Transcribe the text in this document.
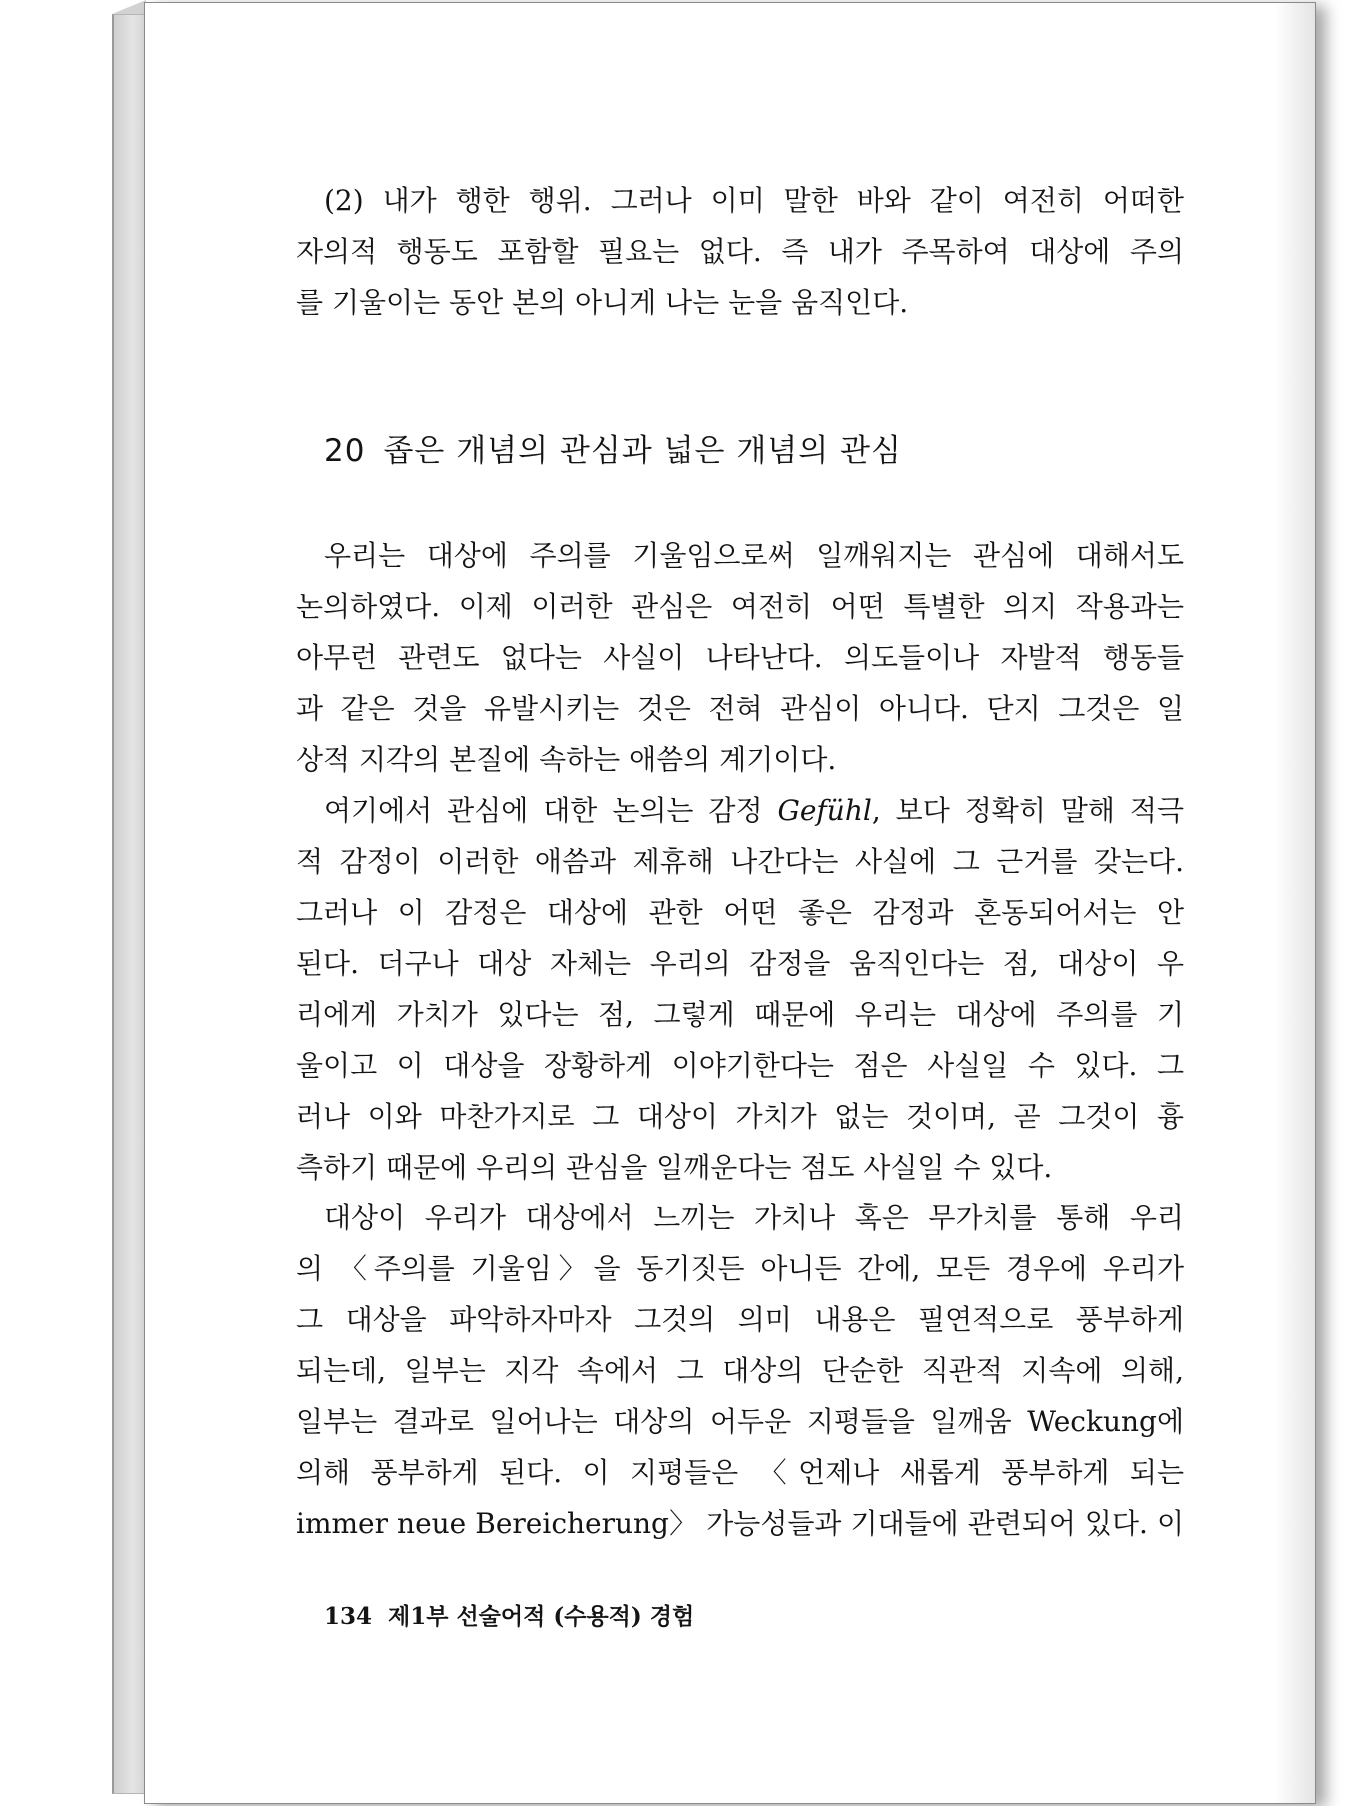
(2) 내가 행한 행위. 그러나 이미 말한 바와 같이 여전히 어떠한
자의적 행동도 포함할 필요는 없다. 즉 내가 주목하여 대상에 주의
를 기울이는 동안 본의 아니게 나는 눈을 움직인다.
20 좁은 개념의 관심과 넓은 개념의 관심
우리는 대상에 주의를 기울임으로써 일깨워지는 관심에 대해서도
논의하였다. 이제 이러한 관심은 여전히 어떤 특별한 의지 작용과는
아무런 관련도 없다는 사실이 나타난다. 의도들이나 자발적 행동들
과 같은 것을 유발시키는 것은 전혀 관심이 아니다. 단지 그것은 일
상적 지각의 본질에 속하는 애씀의 계기이다.
여기에서 관심에 대한 논의는 감정 Gefühl, 보다 정확히 말해 적극
적 감정이 이러한 애씀과 제휴해 나간다는 사실에 그 근거를 갖는다.
그러나 이 감정은 대상에 관한 어떤 좋은 감정과 혼동되어서는 안
된다. 더구나 대상 자체는 우리의 감정을 움직인다는 점, 대상이 우
리에게 가치가 있다는 점, 그렇게 때문에 우리는 대상에 주의를 기
울이고 이 대상을 장황하게 이야기한다는 점은 사실일 수 있다. 그
러나 이와 마찬가지로 그 대상이 가치가 없는 것이며, 곧 그것이 흉
측하기 때문에 우리의 관심을 일깨운다는 점도 사실일 수 있다.
대상이 우리가 대상에서 느끼는 가치나 혹은 무가치를 통해 우리
의 〈주의를 기울임〉을 동기짓든 아니든 간에, 모든 경우에 우리가
그 대상을 파악하자마자 그것의 의미 내용은 필연적으로 풍부하게
되는데, 일부는 지각 속에서 그 대상의 단순한 직관적 지속에 의해,
일부는 결과로 일어나는 대상의 어두운 지평들을 일깨움 Weckung에
의해 풍부하게 된다. 이 지평들은 〈언제나 새롭게 풍부하게 되는
immer neue Bereicherung〉 가능성들과 기대들에 관련되어 있다. 이
134 제1부 선술어적 (수용적) 경험
